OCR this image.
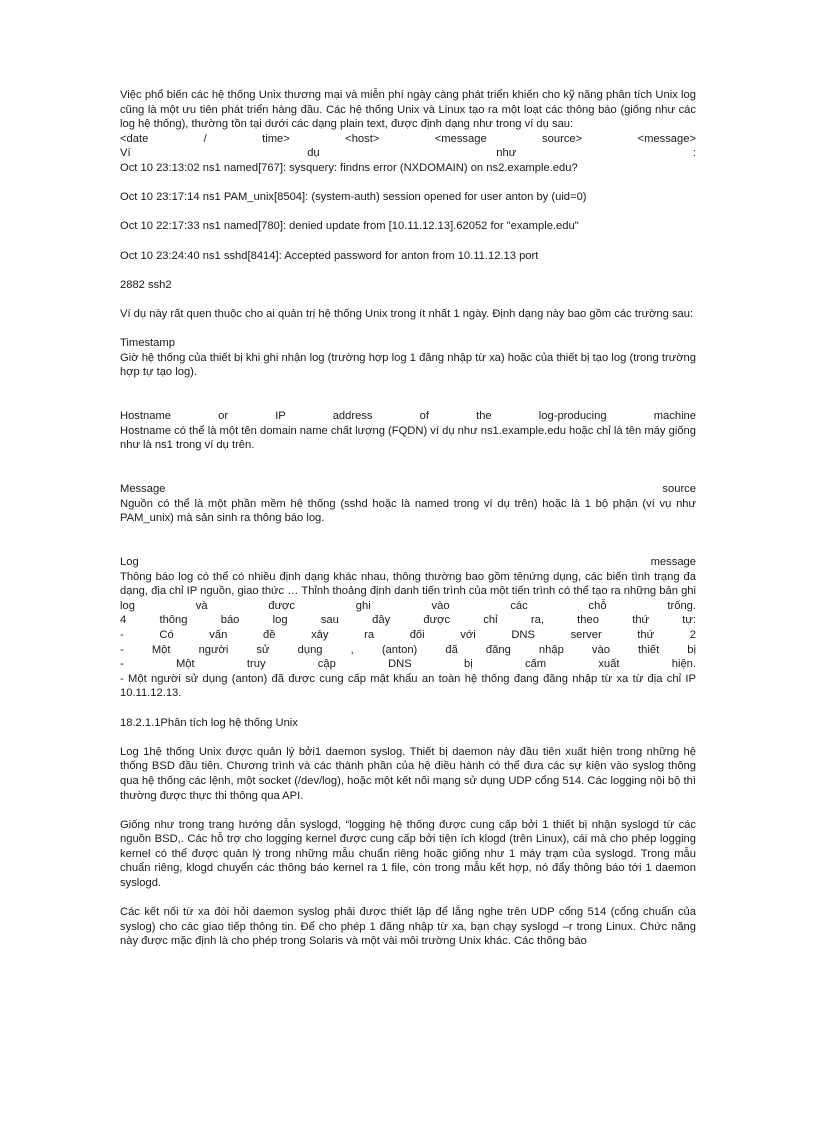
Việc phổ biến các hệ thống Unix thương mại và miễn phí ngày càng phát triển khiến cho kỹ năng phân tích Unix log cũng là một ưu tiên phát triển hàng đầu. Các hệ thống Unix và Linux tạo ra một loạt các thông báo (giống như các log hệ thống), thường tồn tại dưới các dạng plain text, được định dạng như trong ví dụ sau:

<date / time> <host> <message source> <message>

Ví dụ như :

Oct 10 23:13:02 ns1 named[767]: sysquery: findns error (NXDOMAIN) on ns2.example.edu?

Oct 10 23:17:14 ns1 PAM_unix[8504]: (system-auth) session opened for user anton by (uid=0)

Oct 10 22:17:33 ns1 named[780]: denied update from [10.11.12.13].62052 for "example.edu"

Oct 10 23:24:40 ns1 sshd[8414]: Accepted password for anton from 10.11.12.13 port

2882 ssh2

Ví dụ này rất quen thuộc cho ai quản trị hệ thống Unix trong ít nhất 1 ngày. Định dạng này bao gồm các trường sau:

Timestamp

Giờ hệ thống của thiết bị khi ghi nhận log (trường hợp log 1 đăng nhập từ xa) hoặc của thiết bị tạo log (trong trường hợp tự tạo log).

Hostname or IP address of the log-producing machine

Hostname có thể là một tên domain name chất lượng (FQDN) ví dụ như ns1.example.edu hoặc chỉ là tên máy giống như là ns1 trong ví dụ trên.

Message source

Nguồn có thể là một phần mềm hệ thống (sshd hoặc là named trong ví dụ trên) hoặc là 1 bộ phận (ví vụ như PAM_unix) mà sản sinh ra thông báo log.

Log message

Thông báo log có thể có nhiều định dạng khác nhau, thông thường bao gồm tênứng dụng, các biến tình trạng đa dạng, địa chỉ IP nguồn, giao thức … Thỉnh thoảng định danh tiến trình của một tiến trình có thể tạo ra những bản ghi log và được ghi vào các chỗ trống.

4 thông báo log sau đây được chỉ ra, theo thứ tự:

- Có vấn đề xảy ra đối với DNS server thứ 2

- Một người sử dụng , (anton) đã đăng nhập vào thiết bị

- Một truy cập DNS bị cấm xuất hiện.

- Một người sử dụng (anton) đã được cung cấp mật khẩu an toàn hệ thống đang đăng nhập từ xa từ địa chỉ IP 10.11.12.13.

18.2.1.1Phân tích log hệ thống Unix

Log 1hệ thống Unix được quản lý bởi1 daemon syslog. Thiết bị daemon này đầu tiên xuất hiện trong những hệ thống BSD đầu tiên. Chương trình và các thành phần của hệ điều hành có thể đưa các sự kiện vào syslog thông qua hệ thống các lệnh, một socket (/dev/log), hoặc một kết nối mạng sử dụng UDP cổng 514. Các logging nội bộ thì thường được thực thi thông qua API.

Giống như trong trang hướng dẫn syslogd, “logging hệ thống được cung cấp bởi 1 thiết bị nhận syslogd từ các nguồn BSD,. Các hỗ trợ cho logging kernel được cung cấp bởi tiện ích klogd (trên Linux), cái mà cho phép logging kernel có thể được quản lý trong những mẫu chuẩn riêng hoặc giống như 1 máy trạm của syslogd. Trong mẫu chuẩn riêng, klogd chuyển các thông báo kernel ra 1 file, còn trong mẫu kết hợp, nó đẩy thông báo tới 1 daemon syslogd.

Các kết nối từ xa đòi hỏi daemon syslog phải được thiết lập để lắng nghe trên UDP cổng 514 (cổng chuẩn của syslog) cho các giao tiếp thông tin. Để cho phép 1 đăng nhập từ xa, bạn chạy syslogd –r trong Linux. Chức năng này được mặc định là cho phép trong Solaris và một vài môi trường Unix khác. Các thông báo
